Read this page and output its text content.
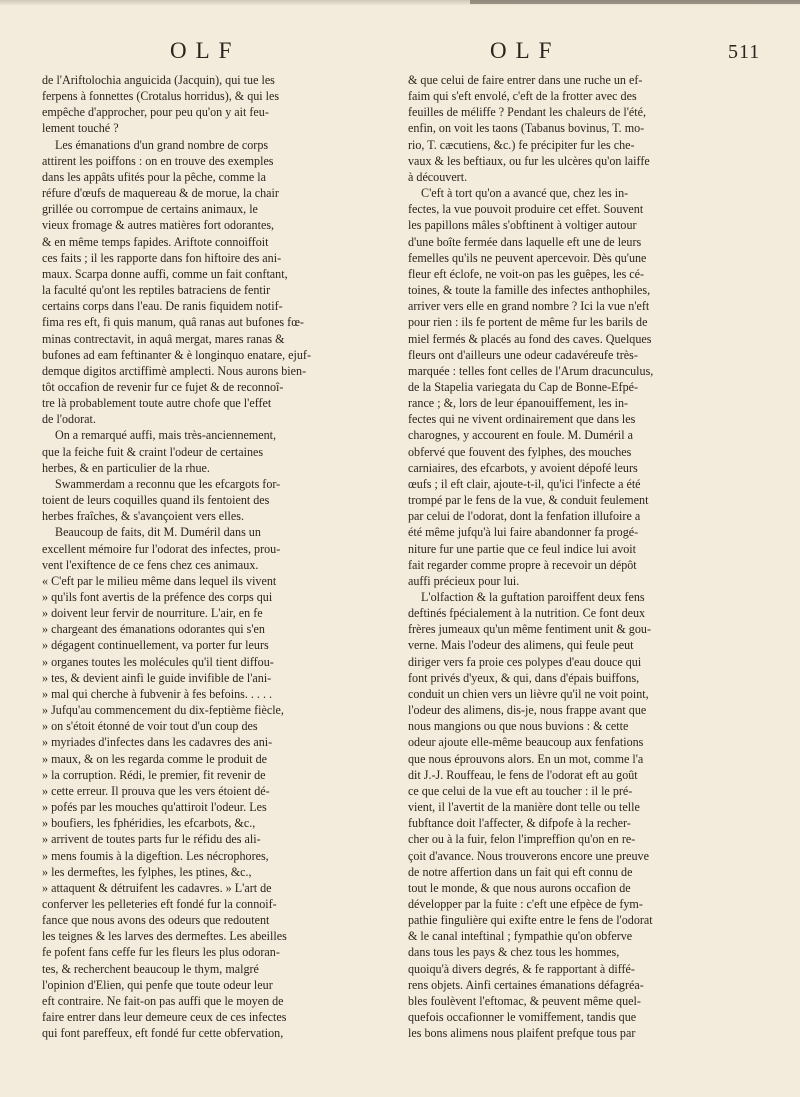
OLF	OLF	511

de l'Ariftolochia anguicida (Jacquin), qui tue les
ferpens à fonnettes (Crotalus horridus), & qui les
empêche d'approcher, pour peu qu'on y ait feu-
lement touché ?

Les émanations d'un grand nombre de corps
attirent les poiffons : on en trouve des exemples
dans les appâts ufités pour la pêche, comme la
réfure d'œufs de maquereau & de morue, la chair
grillée ou corrompue de certains animaux, le
vieux fromage & autres matières fort odorantes,
& en même temps fapides. Ariftote connoiffoit
ces faits ; il les rapporte dans fon hiftoire des ani-
maux. Scarpa donne auffi, comme un fait conftant,
la faculté qu'ont les reptiles batraciens de fentir
certains corps dans l'eau. De ranis fiquidem notif-
fima res eft, fi quis manum, quâ ranas aut bufones fœ-
minas contrectavit, in aquâ mergat, mares ranas &
bufones ad eam feftinanter & è longinquo enatare, ejuf-
demque digitos arctiffimè amplecti. Nous aurons bien-
tôt occafion de revenir fur ce fujet & de reconnoî-
tre là probablement toute autre chofe que l'effet
de l'odorat.

On a remarqué auffi, mais très-anciennement,
que la feiche fuit & craint l'odeur de certaines
herbes, & en particulier de la rhue.

Swammerdam a reconnu que les efcargots for-
toient de leurs coquilles quand ils fentoient des
herbes fraîches, & s'avançoient vers elles.

Beaucoup de faits, dit M. Duméril dans un
excellent mémoire fur l'odorat des infectes, prou-
vent l'exiftence de ce fens chez ces animaux.
« C'eft par le milieu même dans lequel ils vivent
» qu'ils font avertis de la préfence des corps qui
» doivent leur fervir de nourriture. L'air, en fe
» chargeant des émanations odorantes qui s'en
» dégagent continuellement, va porter fur leurs
» organes toutes les molécules qu'il tient diffou-
» tes, & devient ainfi le guide invifible de l'ani-
» mal qui cherche à fubvenir à fes befoins. . . . .
» Jufqu'au commencement du dix-feptième fiècle,
» on s'étoit étonné de voir tout d'un coup des
» myriades d'infectes dans les cadavres des ani-
» maux, & on les regarda comme le produit de
» la corruption. Rédi, le premier, fit revenir de
» cette erreur. Il prouva que les vers étoient dé-
» pofés par les mouches qu'attiroit l'odeur. Les
» boufiers, les fphéridies, les efcarbots, &c.,
» arrivent de toutes parts fur le réfidu des ali-
» mens foumis à la digeftion. Les nécrophores,
» les dermeftes, les fylphes, les ptines, &c.,
» attaquent & détruifent les cadavres. » L'art de
conferver les pelleteries eft fondé fur la connoif-
fance que nous avons des odeurs que redoutent
les teignes & les larves des dermeftes. Les abeilles
fe pofent fans ceffe fur les fleurs les plus odoran-
tes, & recherchent beaucoup le thym, malgré
l'opinion d'Elien, qui penfe que toute odeur leur
eft contraire. Ne fait-on pas auffi que le moyen de
faire entrer dans leur demeure ceux de ces infectes
qui font pareffeux, eft fondé fur cette obfervation,

& que celui de faire entrer dans une ruche un ef-
faim qui s'eft envolé, c'eft de la frotter avec des
feuilles de méliffe ? Pendant les chaleurs de l'été,
enfin, on voit les taons (Tabanus bovinus, T. mo-
rio, T. cæcutiens, &c.) fe précipiter fur les che-
vaux & les beftiaux, ou fur les ulcères qu'on laiffe
à découvert.

C'eft à tort qu'on a avancé que, chez les in-
fectes, la vue pouvoit produire cet effet. Souvent
les papillons mâles s'obftinent à voltiger autour
d'une boîte fermée dans laquelle eft une de leurs
femelles qu'ils ne peuvent apercevoir. Dès qu'une
fleur eft éclofe, ne voit-on pas les guêpes, les cé-
toines, & toute la famille des infectes anthophiles,
arriver vers elle en grand nombre ? Ici la vue n'eft
pour rien : ils fe portent de même fur les barils de
miel fermés & placés au fond des caves. Quelques
fleurs ont d'ailleurs une odeur cadavéreufe très-
marquée : telles font celles de l'Arum dracunculus,
de la Stapelia variegata du Cap de Bonne-Efpé-
rance ; &, lors de leur épanouiffement, les in-
fectes qui ne vivent ordinairement que dans les
charognes, y accourent en foule. M. Duméril a
obfervé que fouvent des fylphes, des mouches
carniaires, des efcarbots, y avoient dépofé leurs
œufs ; il eft clair, ajoute-t-il, qu'ici l'infecte a été
trompé par le fens de la vue, & conduit feulement
par celui de l'odorat, dont la fenfation illufoire a
été même jufqu'à lui faire abandonner fa progé-
niture fur une partie que ce feul indice lui avoit
fait regarder comme propre à recevoir un dépôt
auffi précieux pour lui.

L'olfaction & la guftation paroiffent deux fens
deftinés fpécialement à la nutrition. Ce font deux
frères jumeaux qu'un même fentiment unit & gou-
verne. Mais l'odeur des alimens, qui feule peut
diriger vers fa proie ces polypes d'eau douce qui
font privés d'yeux, & qui, dans d'épais buiffons,
conduit un chien vers un lièvre qu'il ne voit point,
l'odeur des alimens, dis-je, nous frappe avant que
nous mangions ou que nous buvions : & cette
odeur ajoute elle-même beaucoup aux fenfations
que nous éprouvons alors. En un mot, comme l'a
dit J.-J. Rouffeau, le fens de l'odorat eft au goût
ce que celui de la vue eft au toucher : il le pré-
vient, il l'avertit de la manière dont telle ou telle
fubftance doit l'affecter, & difpofe à la recher-
cher ou à la fuir, felon l'impreffion qu'on en re-
çoit d'avance. Nous trouverons encore une preuve
de notre affertion dans un fait qui eft connu de
tout le monde, & que nous aurons occafion de
développer par la fuite : c'eft une efpèce de fym-
pathie fingulière qui exifte entre le fens de l'odorat
& le canal inteftinal ; fympathie qu'on obferve
dans tous les pays & chez tous les hommes,
quoiqu'à divers degrés, & fe rapportant à diffé-
rens objets. Ainfi certaines émanations défagréa-
bles foulèvent l'eftomac, & peuvent même quel-
quefois occafionner le vomiffement, tandis que
les bons alimens nous plaifent prefque tous par
